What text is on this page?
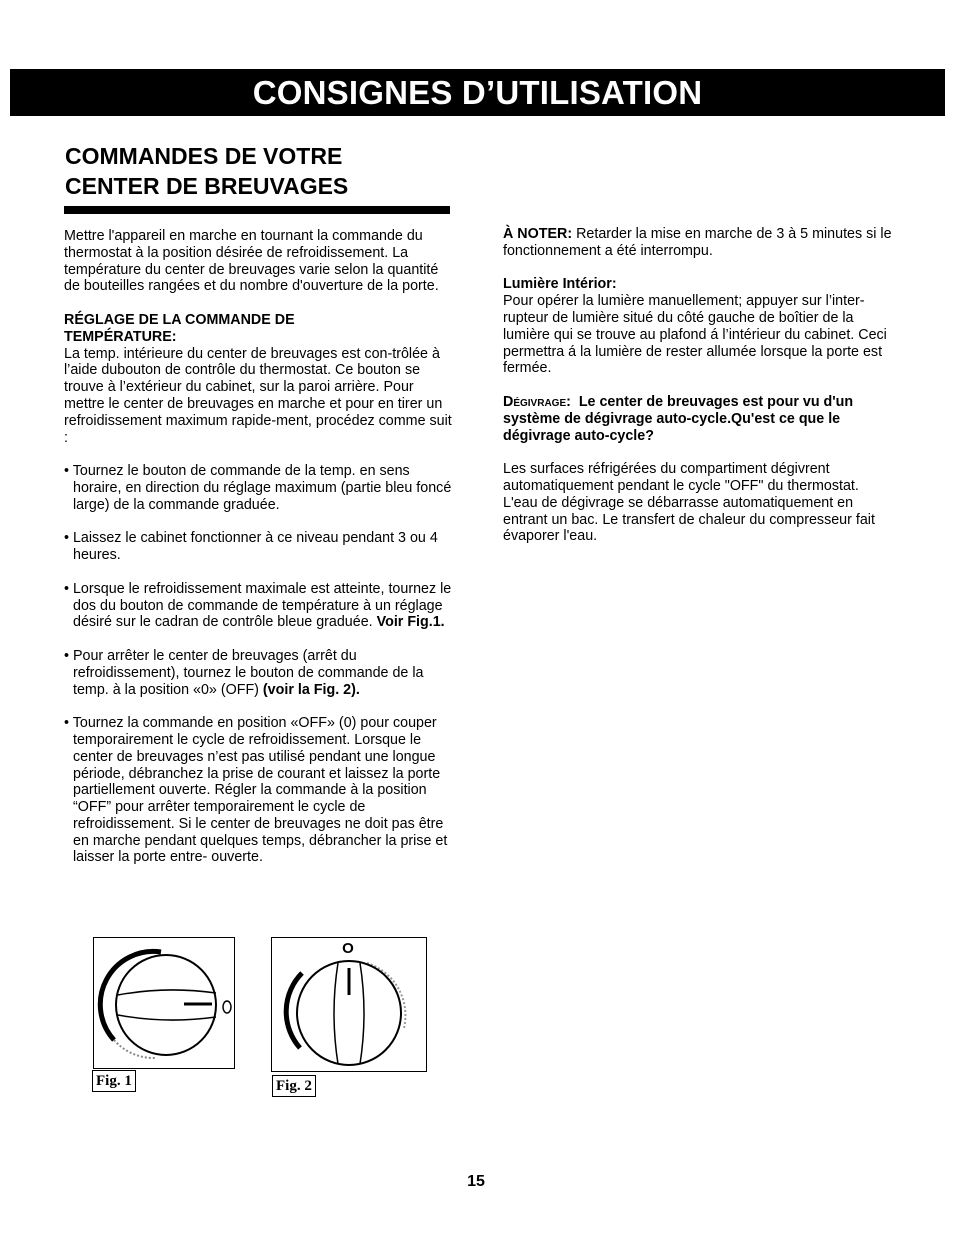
CONSIGNES D’UTILISATION
COMMANDES DE VOTRE
CENTER DE BREUVAGES

Mettre l'appareil en marche en tournant la commande du thermostat à la position désirée de refroidissement. La température du center de breuvages varie selon la quantité de bouteilles rangées et du nombre d'ouverture de la porte.

RÉGLAGE DE LA COMMANDE DE TEMPÉRATURE:
La temp. intérieure du center de breuvages est con-trôlée à l’aide dubouton de contrôle du thermostat. Ce bouton se trouve à l’extérieur du cabinet, sur la paroi arrière. Pour mettre le center de breuvages en marche et pour en tirer un refroidissement maximum rapide-ment, procédez comme suit :

• Tournez le bouton de commande de la temp. en sens horaire, en direction du réglage maximum (partie bleu foncé large) de la commande graduée.

• Laissez le cabinet fonctionner à ce niveau pendant 3 ou 4 heures.

• Lorsque le refroidissement maximale est atteinte, tournez le dos du bouton de commande de température à un réglage désiré sur le cadran de contrôle bleue graduée. Voir Fig.1.

• Pour arrêter le center de breuvages (arrêt du refroidissement), tournez le bouton de commande de la temp. à la position «0» (OFF) (voir la Fig. 2).

• Tournez la commande en position «OFF» (0) pour couper temporairement le cycle de refroidissement. Lorsque le center de breuvages n’est pas utilisé pendant une longue période, débranchez la prise de courant et laissez la porte partiellement ouverte. Régler la commande à la position “OFF” pour arrêter temporairement le cycle de refroidissement. Si le center de breuvages ne doit pas être en marche pendant quelques temps, débrancher la prise et laisser la porte entre- ouverte.

À NOTER: Retarder la mise en marche de 3 à 5 minutes si le fonctionnement a été interrompu.

Lumière Intérior:
Pour opérer la lumière manuellement; appuyer sur l’inter-rupteur de lumière situé du côté gauche de boîtier de la lumière qui se trouve au plafond á l’intérieur du cabinet. Ceci permettra á la lumière de rester allumée lorsque la porte est fermée.

Dégivrage: Le center de breuvages est pour vu d'un système de dégivrage auto-cycle.Qu'est ce que le dégivrage auto-cycle?

Les surfaces réfrigérées du compartiment dégivrent automatiquement pendant le cycle "OFF" du thermostat. L'eau de dégivrage se débarrasse automatiquement en entrant un bac. Le transfert de chaleur du compresseur fait évaporer l'eau.

Fig. 1
O
Fig. 2
15
